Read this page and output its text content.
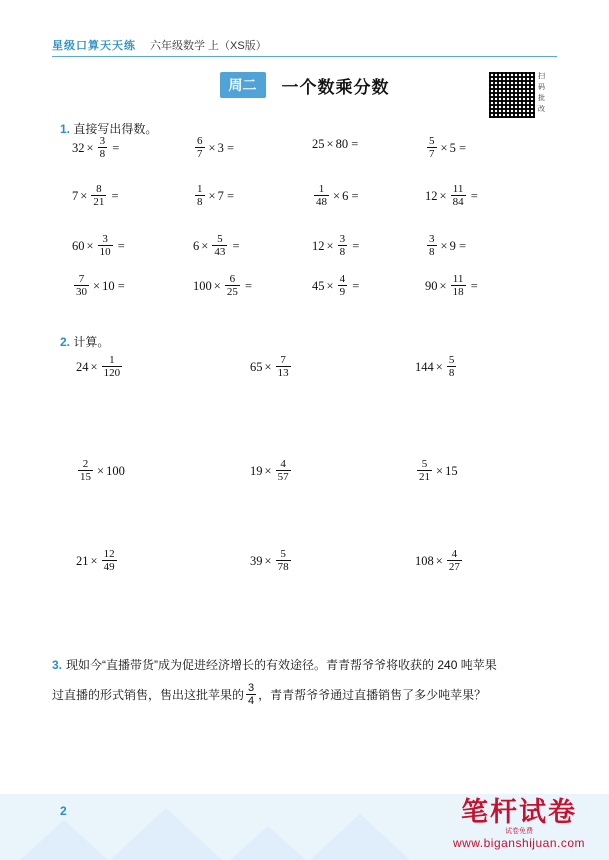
星级口算天天练 六年级数学 上（XS版）
周二 一个数乘分数
扫码批改
1. 直接写出得数。
$32 \times \frac{3}{8}$ =	$\frac{6}{7} \times 3$ =	25 × 80 =	$\frac{5}{7} \times 5$ =
$7 \times \frac{8}{21}$ =	$\frac{1}{8} \times 7$ =	$\frac{1}{48} \times 6$ =	$12 \times \frac{11}{84}$ =
$60 \times \frac{3}{10}$ =	$6 \times \frac{5}{43}$ =	$12 \times \frac{3}{8}$ =	$\frac{3}{8} \times 9$ =
$\frac{7}{30} \times 10$ =	$100 \times \frac{6}{25}$ =	$45 \times \frac{4}{9}$ =	$90 \times \frac{11}{18}$ =
2. 计算。
$24 \times \frac{1}{120}$	$65 \times \frac{7}{13}$	$144 \times \frac{5}{8}$
$\frac{2}{15} \times 100$	$19 \times \frac{4}{57}$	$\frac{5}{21} \times 15$
$21 \times \frac{12}{49}$	$39 \times \frac{5}{78}$	$108 \times \frac{4}{27}$
3. 现如今“直播带货”成为促进经济增长的有效途径。青青帮爷爷将收获的 240 吨苹果
过直播的形式销售，售出这批苹果的 $\frac{3}{4}$ ，青青帮爷爷通过直播销售了多少吨苹果？
2	笔杆试卷
试卷免费
www.biganshijuan.com
